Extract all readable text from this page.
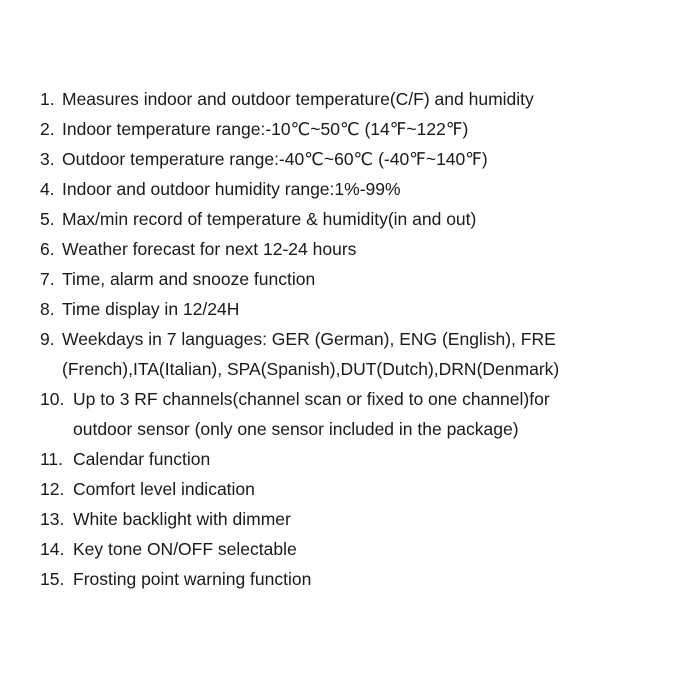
1. Measures indoor and outdoor temperature(C/F) and humidity
2. Indoor temperature range:-10℃~50℃ (14℉~122℉)
3. Outdoor temperature range:-40℃~60℃ (-40℉~140℉)
4. Indoor and outdoor humidity range:1%-99%
5. Max/min record of temperature & humidity(in and out)
6. Weather forecast for next 12-24 hours
7. Time, alarm and snooze function
8. Time display in 12/24H
9. Weekdays in 7 languages: GER (German), ENG (English), FRE
(French),ITA(Italian), SPA(Spanish),DUT(Dutch),DRN(Denmark)
10. Up to 3 RF channels(channel scan or fixed to one channel)for
outdoor sensor (only one sensor included in the package)
11. Calendar function
12. Comfort level indication
13. White backlight with dimmer
14. Key tone ON/OFF selectable
15. Frosting point warning function
